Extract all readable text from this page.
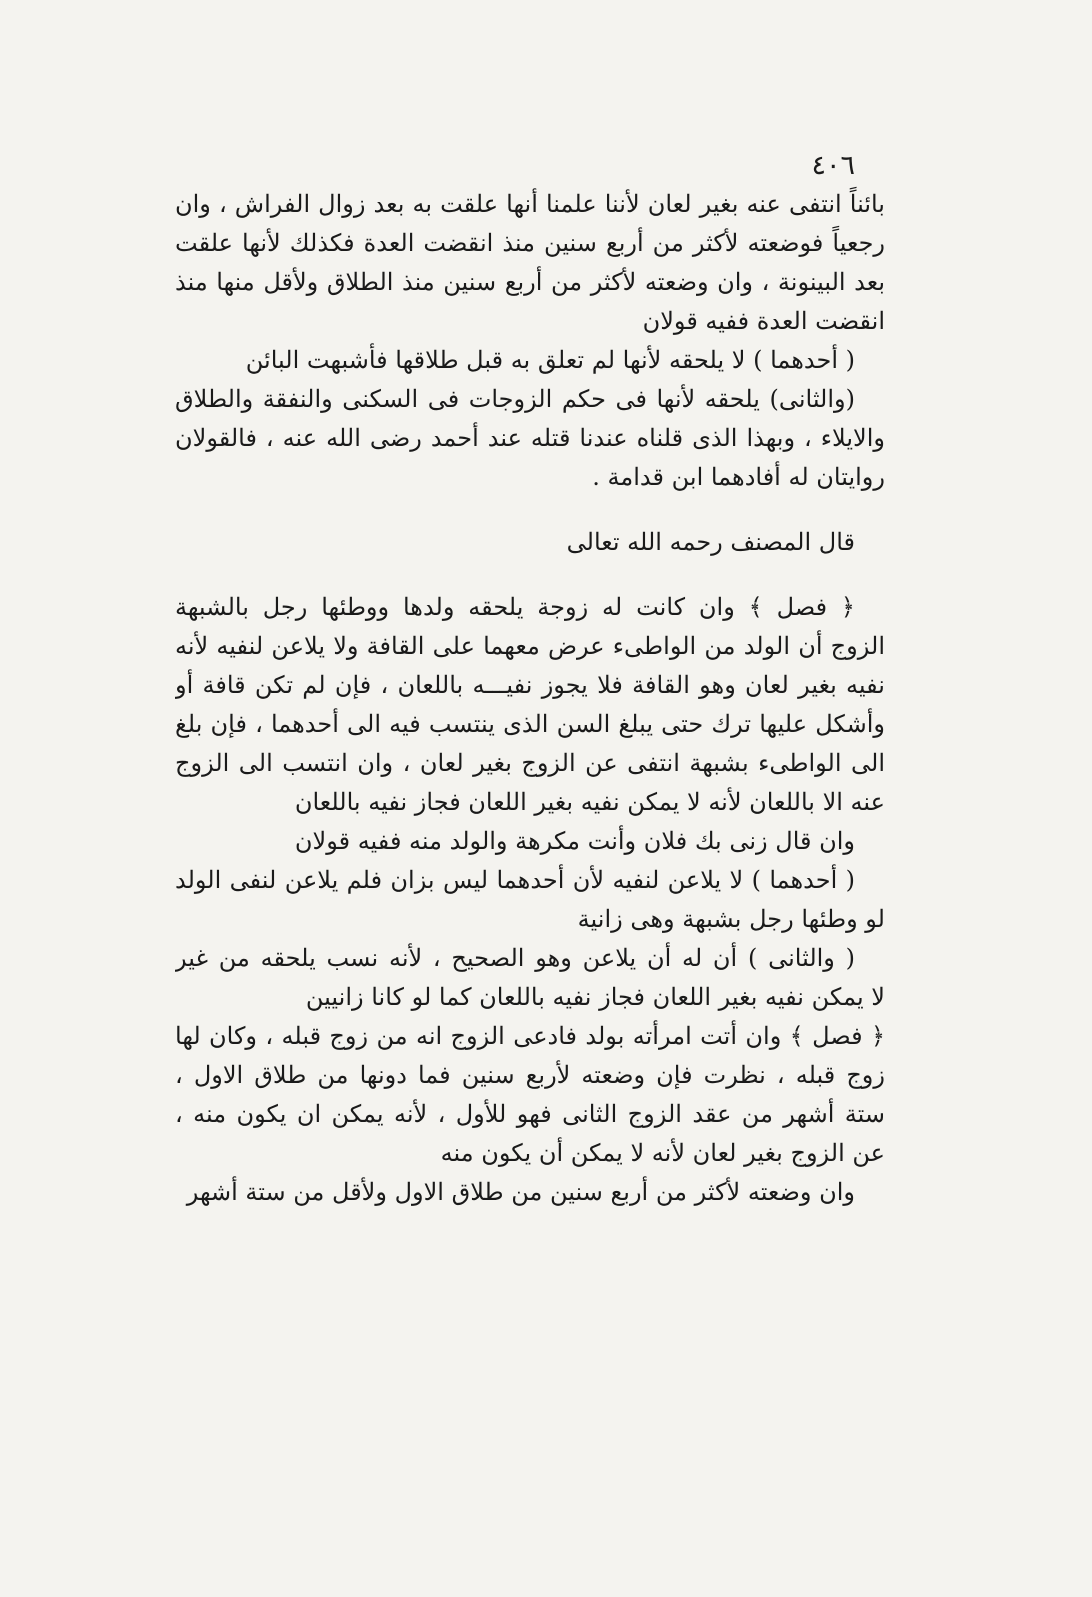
٤٠٦
بائناً انتفى عنه بغير لعان لأننا علمنا أنها علقت به بعد زوال الفراش ، وان
رجعياً فوضعته لأكثر من أربع سنين منذ انقضت العدة فكذلك لأنها علقت
بعد البينونة ، وان وضعته لأكثر من أربع سنين منذ الطلاق ولأقل منها منذ
انقضت العدة ففيه قولان
( أحدهما ) لا يلحقه لأنها لم تعلق به قبل طلاقها فأشبهت البائن
(والثانى) يلحقه لأنها فى حكم الزوجات فى السكنى والنفقة والطلاق
والايلاء ، وبهذا الذى قلناه عندنا قتله عند أحمد رضى الله عنه ، فالقولان
روايتان له أفادهما ابن قدامة .
قال المصنف رحمه الله تعالى
﴿ فصل ﴾ وان كانت له زوجة يلحقه ولدها ووطئها رجل بالشبهة
الزوج أن الولد من الواطىء عرض معهما على القافة ولا يلاعن لنفيه لأنه
نفيه بغير لعان وهو القافة فلا يجوز نفيـــه باللعان ، فإن لم تكن قافة أو
وأشكل عليها ترك حتى يبلغ السن الذى ينتسب فيه الى أحدهما ، فإن بلغ
الى الواطىء بشبهة انتفى عن الزوج بغير لعان ، وان انتسب الى الزوج
عنه الا باللعان لأنه لا يمكن نفيه بغير اللعان فجاز نفيه باللعان
وان قال زنى بك فلان وأنت مكرهة والولد منه ففيه قولان
( أحدهما ) لا يلاعن لنفيه لأن أحدهما ليس بزان فلم يلاعن لنفى الولد
لو وطئها رجل بشبهة وهى زانية
( والثانى ) أن له أن يلاعن وهو الصحيح ، لأنه نسب يلحقه من غير
لا يمكن نفيه بغير اللعان فجاز نفيه باللعان كما لو كانا زانيين
﴿ فصل ﴾ وان أتت امرأته بولد فادعى الزوج انه من زوج قبله ، وكان لها
زوج قبله ، نظرت فإن وضعته لأربع سنين فما دونها من طلاق الاول ،
ستة أشهر من عقد الزوج الثانى فهو للأول ، لأنه يمكن ان يكون منه ،
عن الزوج بغير لعان لأنه لا يمكن أن يكون منه
وان وضعته لأكثر من أربع سنين من طلاق الاول ولأقل من ستة أشهر
